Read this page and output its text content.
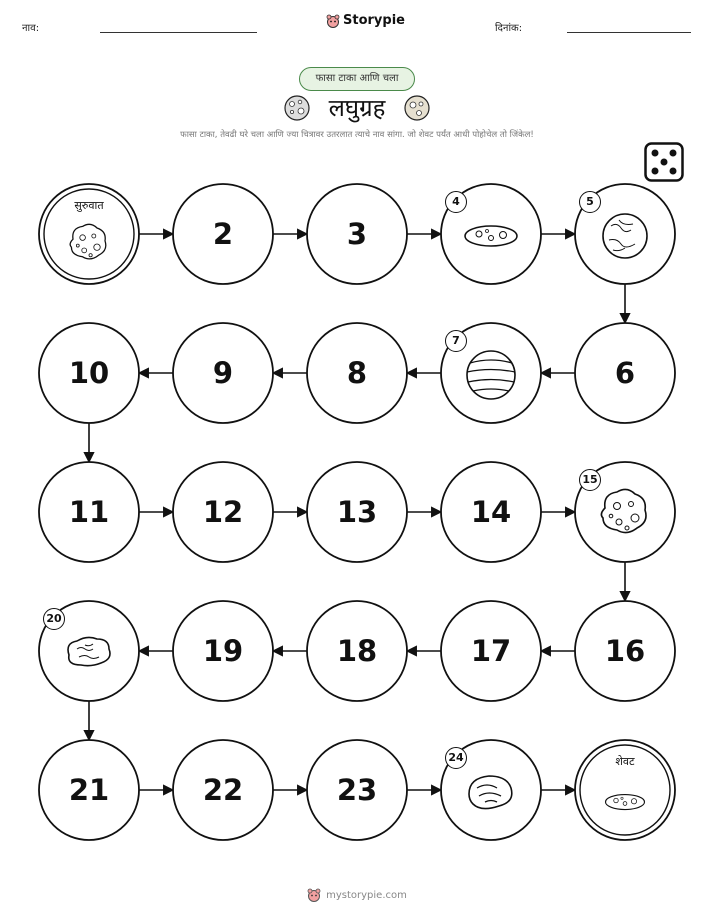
नाव:
Storypie
दिनांक:
फासा टाका आणि चला
लघुग्रह
फासा टाका, तेवढी घरे चला आणि ज्या चित्रावर उतरलात त्याचे नाव सांगा. जो शेवट पर्यंत आधी पोहोचेल तो जिंकेल!
सुरुवात
2	3
4	5
6
7
8
9
10
11	12	13	14
15
16
17
18
19
20
21	22	23
24	शेवट
mystorypie.com
